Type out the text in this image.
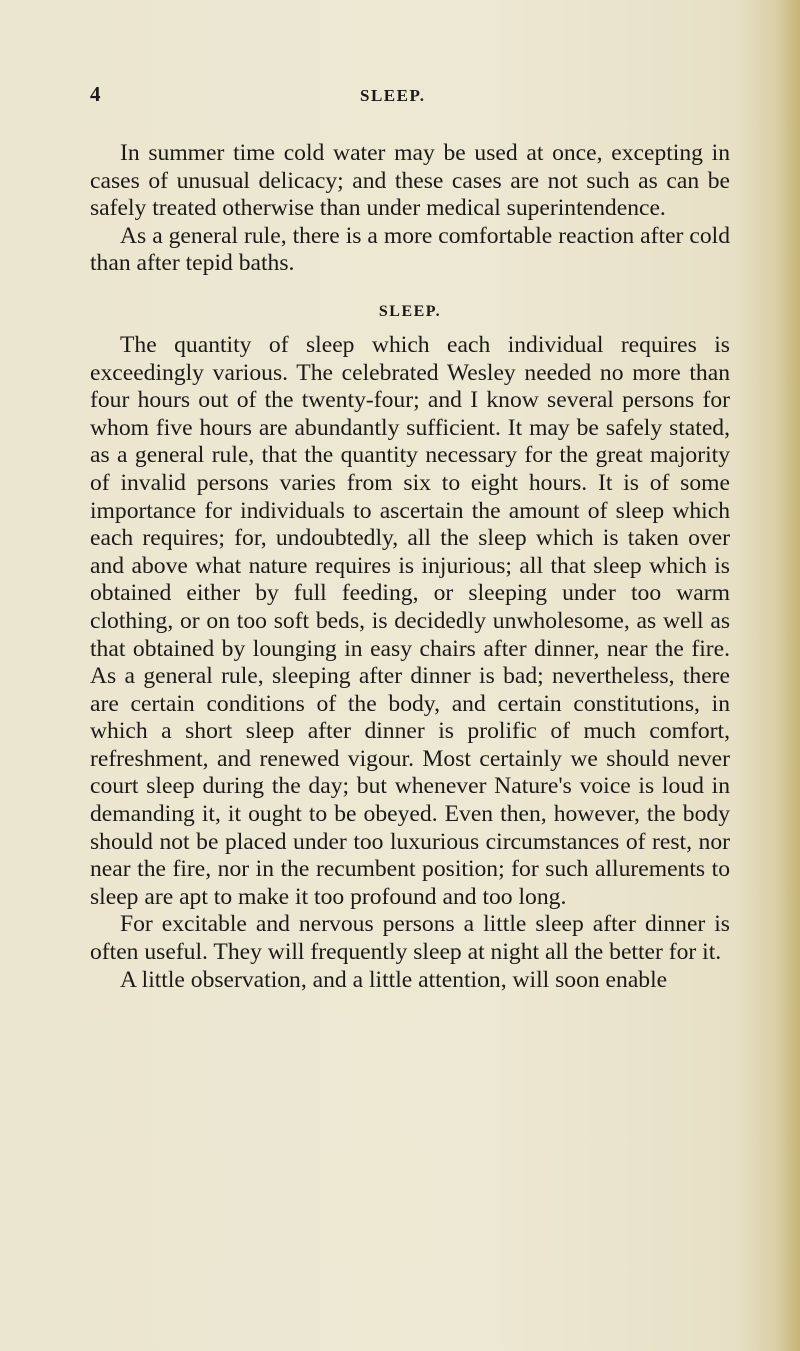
4	SLEEP.

In summer time cold water may be used at once, excepting in cases of unusual delicacy; and these cases are not such as can be safely treated otherwise than under medical superintendence.

As a general rule, there is a more comfortable reaction after cold than after tepid baths.

SLEEP.

The quantity of sleep which each individual requires is exceedingly various. The celebrated Wesley needed no more than four hours out of the twenty-four; and I know several persons for whom five hours are abundantly sufficient. It may be safely stated, as a general rule, that the quantity necessary for the great majority of invalid persons varies from six to eight hours. It is of some importance for individuals to ascertain the amount of sleep which each requires; for, undoubtedly, all the sleep which is taken over and above what nature requires is injurious; all that sleep which is obtained either by full feeding, or sleeping under too warm clothing, or on too soft beds, is decidedly unwholesome, as well as that obtained by lounging in easy chairs after dinner, near the fire. As a general rule, sleeping after dinner is bad; nevertheless, there are certain conditions of the body, and certain constitutions, in which a short sleep after dinner is prolific of much comfort, refreshment, and renewed vigour. Most certainly we should never court sleep during the day; but whenever Nature's voice is loud in demanding it, it ought to be obeyed. Even then, however, the body should not be placed under too luxurious circumstances of rest, nor near the fire, nor in the recumbent position; for such allurements to sleep are apt to make it too profound and too long.

For excitable and nervous persons a little sleep after dinner is often useful. They will frequently sleep at night all the better for it.

A little observation, and a little attention, will soon enable
